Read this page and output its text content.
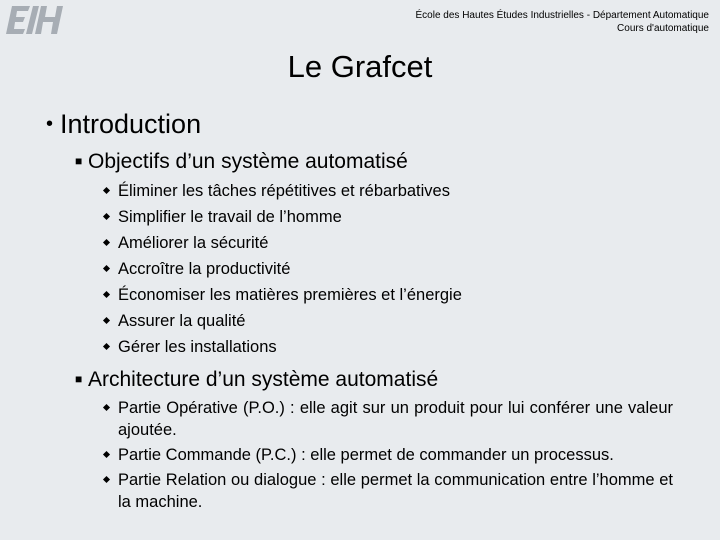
École des Hautes Études Industrielles - Département Automatique
Cours d'automatique
Le Grafcet
• Introduction
■ Objectifs d’un système automatisé
Éliminer les tâches répétitives et rébarbatives
Simplifier le travail de l’homme
Améliorer la sécurité
Accroître la productivité
Économiser les matières premières et l’énergie
Assurer la qualité
Gérer les installations
■ Architecture d’un système automatisé
Partie Opérative (P.O.) : elle agit sur un produit pour lui conférer une valeur ajoutée.
Partie Commande (P.C.) : elle permet de commander un processus.
Partie Relation ou dialogue : elle permet la communication entre l’homme et la machine.
